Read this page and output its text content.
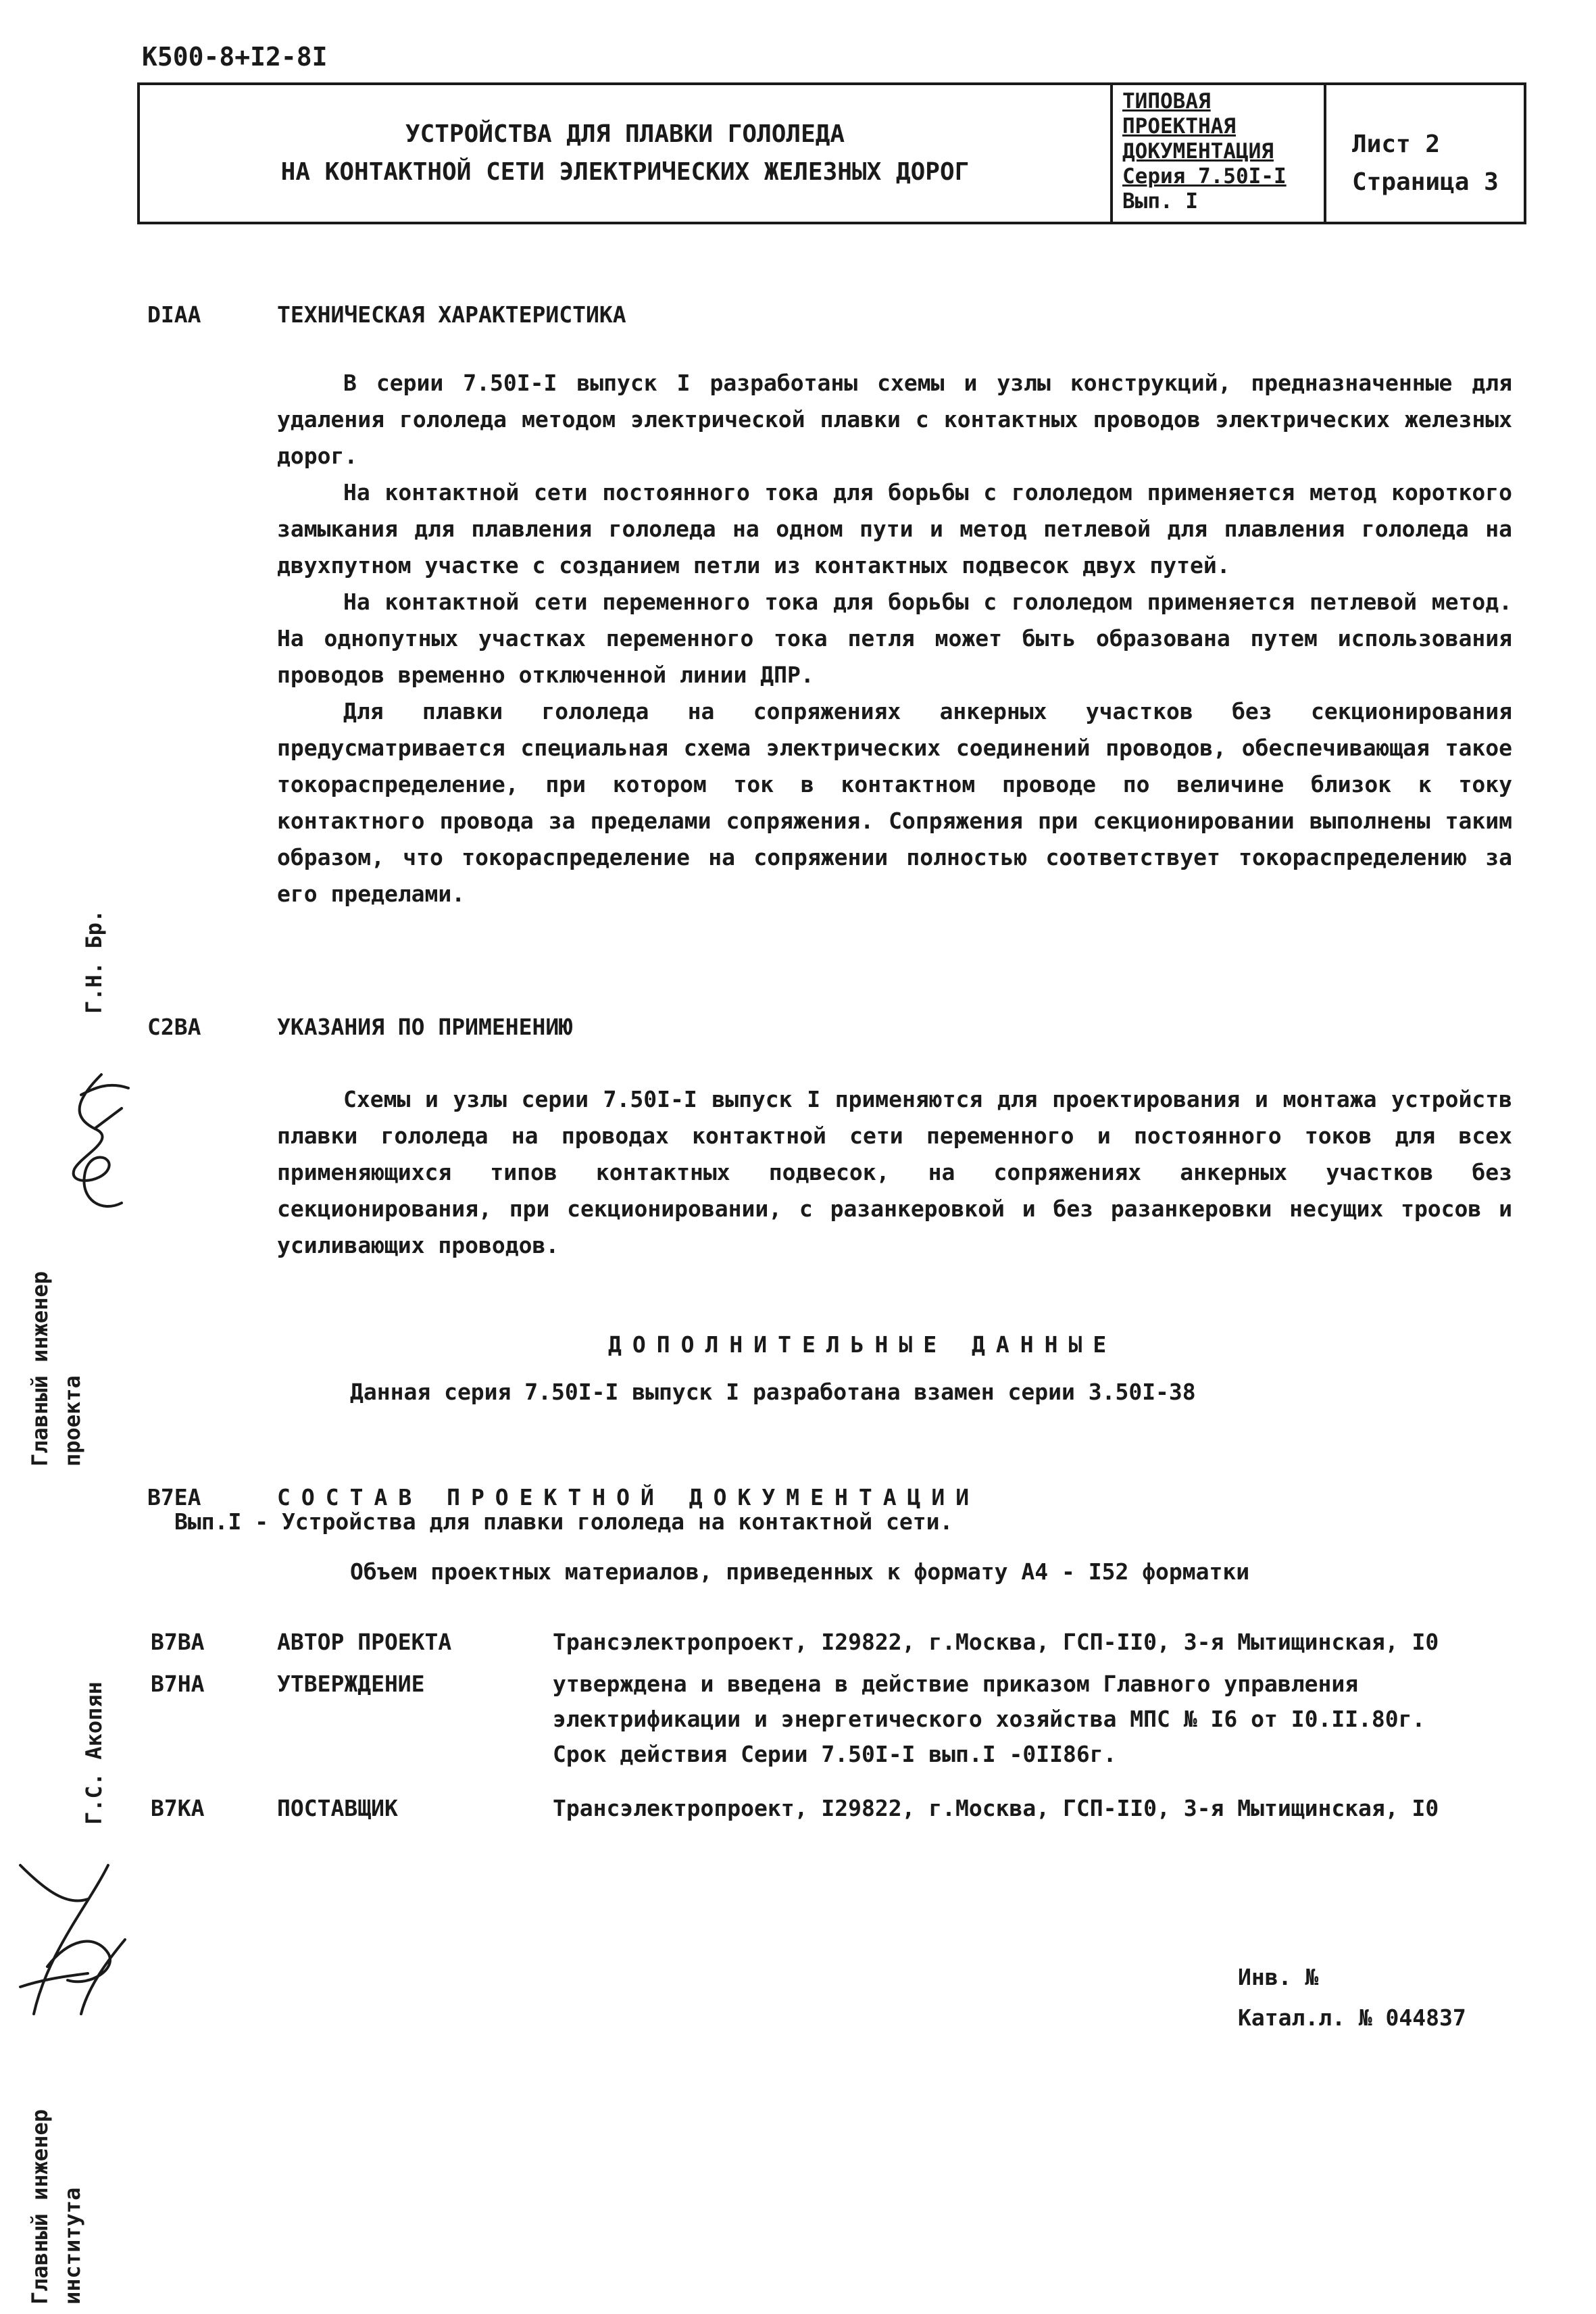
К500-8+I2-8I
УСТРОЙСТВА ДЛЯ ПЛАВКИ ГОЛОЛЕДА
НА КОНТАКТНОЙ СЕТИ ЭЛЕКТРИЧЕСКИХ ЖЕЛЕЗНЫХ ДОРОГ
ТИПОВАЯ
ПРОЕКТНАЯ
ДОКУМЕНТАЦИЯ
Серия 7.50I-I
Вып. I
Лист 2
Страница 3
DIAA	ТЕХНИЧЕСКАЯ ХАРАКТЕРИСТИКА

В серии 7.50I-I выпуск I разработаны схемы и узлы конструкций, предназначенные для удаления гололеда методом электрической плавки с контактных проводов электрических железных дорог.

На контактной сети постоянного тока для борьбы с гололедом применяется метод короткого замыкания для плавления гололеда на одном пути и метод петлевой для плавления гололеда на двухпутном участке с созданием петли из контактных подвесок двух путей.

На контактной сети переменного тока для борьбы с гололедом применяется петлевой метод. На однопутных участках переменного тока петля может быть образована путем использования проводов временно отключенной линии ДПР.

Для плавки гололеда на сопряжениях анкерных участков без секционирования предусматривается специальная схема электрических соединений проводов, обеспечивающая такое токораспределение, при котором ток в контактном проводе по величине близок к току контактного провода за пределами сопряжения. Сопряжения при секционировании выполнены таким образом, что токораспределение на сопряжении полностью соответствует токораспределению за его пределами.

C2BA	УКАЗАНИЯ ПО ПРИМЕНЕНИЮ

Схемы и узлы серии 7.50I-I выпуск I применяются для проектирования и монтажа устройств плавки гололеда на проводах контактной сети переменного и постоянного токов для всех применяющихся типов контактных подвесок, на сопряжениях анкерных участков без секционирования, при секционировании, с разанкеровкой и без разанкеровки несущих тросов и усиливающих проводов.

ДОПОЛНИТЕЛЬНЫЕ ДАННЫЕ
Данная серия 7.50I-I выпуск I разработана взамен серии 3.50I-38
B7EA	СОСТАВ ПРОЕКТНОЙ ДОКУМЕНТАЦИИ
Вып.I - Устройства для плавки гололеда на контактной сети.
Объем проектных материалов, приведенных к формату А4 - I52 форматки
B7BA	АВТОР ПРОЕКТА	Трансэлектропроект, I29822, г.Москва, ГСП-II0, 3-я Мытищинская, I0
B7HA	УТВЕРЖДЕНИЕ	утверждена и введена в действие приказом Главного управления электрификации и энергетического хозяйства МПС № I6 от I0.II.80г. Срок действия Серии 7.50I-I вып.I -0II86г.
B7KA	ПОСТАВЩИК	Трансэлектропроект, I29822, г.Москва, ГСП-II0, 3-я Мытищинская, I0
Инв. №
Катал.л. № 044837
Г.Н. Бр.
Главный инженер проекта
Г.С. Акопян
Главный инженер института
